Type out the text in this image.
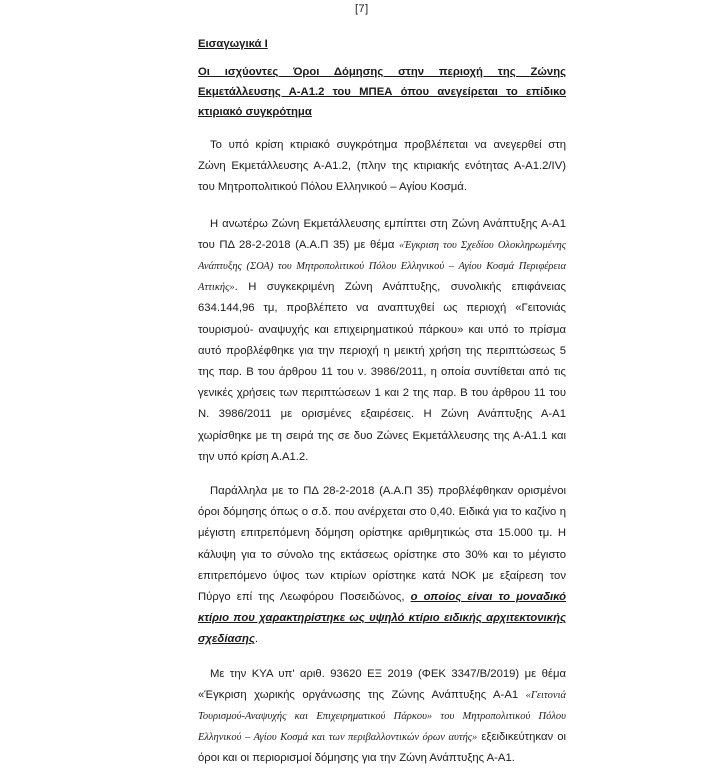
[7]
Εισαγωγικά Ι
Οι ισχύοντες Όροι Δόμησης στην περιοχή της Ζώνης Εκμετάλλευσης Α-Α1.2 του ΜΠΕΑ όπου ανεγείρεται το επίδικο κτιριακό συγκρότημα

Το υπό κρίση κτιριακό συγκρότημα προβλέπεται να ανεγερθεί στη Ζώνη Εκμετάλλευσης Α-Α1.2, (πλην της κτιριακής ενότητας Α-Α1.2/IV) του Μητροπολιτικού Πόλου Ελληνικού – Αγίου Κοσμά.

Η ανωτέρω Ζώνη Εκμετάλλευσης εμπίπτει στη Ζώνη Ανάπτυξης Α-Α1 του ΠΔ 28-2-2018 (Α.Α.Π 35) με θέμα «Έγκριση του Σχεδίου Ολοκληρωμένης Ανάπτυξης (ΣΟΑ) του Μητροπολιτικού Πόλου Ελληνικού – Αγίου Κοσμά Περιφέρεια Αττικής». Η συγκεκριμένη Ζώνη Ανάπτυξης, συνολικής επιφάνειας 634.144,96 τμ, προβλέπετο να αναπτυχθεί ως περιοχή «Γειτονιάς τουρισμού- αναψυχής και επιχειρηματικού πάρκου» και υπό το πρίσμα αυτό προβλέφθηκε για την περιοχή η μεικτή χρήση της περιπτώσεως 5 της παρ. Β του άρθρου 11 του ν. 3986/2011, η οποία συντίθεται από τις γενικές χρήσεις των περιπτώσεων 1 και 2 της παρ. Β του άρθρου 11 του Ν. 3986/2011 με ορισμένες εξαιρέσεις. Η Ζώνη Ανάπτυξης Α-Α1 χωρίσθηκε με τη σειρά της σε δυο Ζώνες Εκμετάλλευσης της Α-Α1.1 και την υπό κρίση Α.Α1.2.

Παράλληλα με το ΠΔ 28-2-2018 (Α.Α.Π 35) προβλέφθηκαν ορισμένοι όροι δόμησης όπως ο σ.δ. που ανέρχεται στο 0,40. Ειδικά για το καζίνο η μέγιστη επιτρεπόμενη δόμηση ορίστηκε αριθμητικώς στα 15.000 τμ. Η κάλυψη για το σύνολο της εκτάσεως ορίστηκε στο 30% και το μέγιστο επιτρεπόμενο ύψος των κτιρίων ορίστηκε κατά ΝΟΚ με εξαίρεση τον Πύργο επί της Λεωφόρου Ποσειδώνος, ο οποίος είναι το μοναδικό κτίριο που χαρακτηρίστηκε ως υψηλό κτίριο ειδικής αρχιτεκτονικής σχεδίασης.

Με την ΚΥΑ υπ' αριθ. 93620 ΕΞ 2019 (ΦΕΚ 3347/Β/2019) με θέμα «Έγκριση χωρικής οργάνωσης της Ζώνης Ανάπτυξης Α-Α1 «Γειτονιά Τουρισμού-Αναψυχής και Επιχειρηματικού Πάρκου» του Μητροπολιτικού Πόλου Ελληνικού – Αγίου Κοσμά και των περιβαλλοντικών όρων αυτής» εξειδικεύτηκαν οι όροι και οι περιορισμοί δόμησης για την Ζώνη Ανάπτυξης Α-Α1.
